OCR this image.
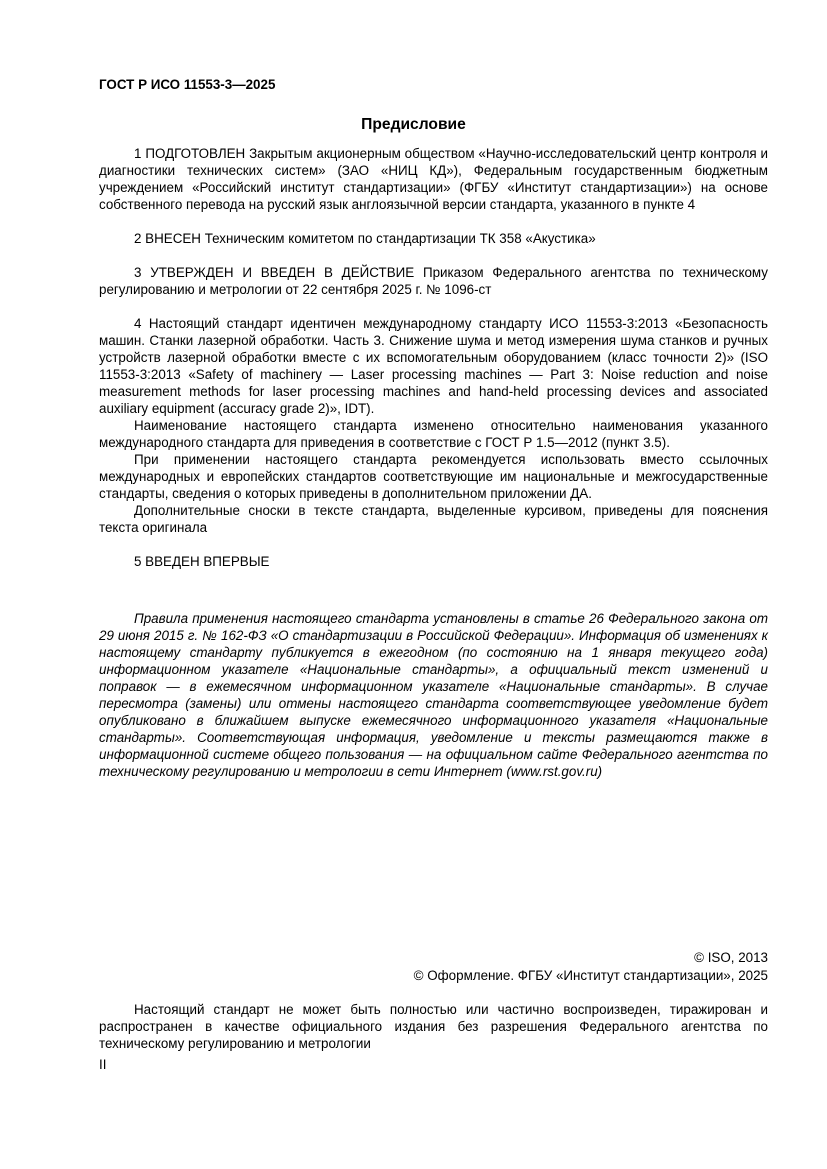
ГОСТ Р ИСО 11553-3—2025
Предисловие

1 ПОДГОТОВЛЕН Закрытым акционерным обществом «Научно-исследовательский центр контроля и диагностики технических систем» (ЗАО «НИЦ КД»), Федеральным государственным бюджетным учреждением «Российский институт стандартизации» (ФГБУ «Институт стандартизации») на основе собственного перевода на русский язык англоязычной версии стандарта, указанного в пункте 4

2 ВНЕСЕН Техническим комитетом по стандартизации ТК 358 «Акустика»

3 УТВЕРЖДЕН И ВВЕДЕН В ДЕЙСТВИЕ Приказом Федерального агентства по техническому регулированию и метрологии от 22 сентября 2025 г. № 1096-ст

4 Настоящий стандарт идентичен международному стандарту ИСО 11553-3:2013 «Безопасность машин. Станки лазерной обработки. Часть 3. Снижение шума и метод измерения шума станков и ручных устройств лазерной обработки вместе с их вспомогательным оборудованием (класс точности 2)» (ISO 11553-3:2013 «Safety of machinery — Laser processing machines — Part 3: Noise reduction and noise measurement methods for laser processing machines and hand-held processing devices and associated auxiliary equipment (accuracy grade 2)», IDT).

Наименование настоящего стандарта изменено относительно наименования указанного международного стандарта для приведения в соответствие с ГОСТ Р 1.5—2012 (пункт 3.5).

При применении настоящего стандарта рекомендуется использовать вместо ссылочных международных и европейских стандартов соответствующие им национальные и межгосударственные стандарты, сведения о которых приведены в дополнительном приложении ДА.

Дополнительные сноски в тексте стандарта, выделенные курсивом, приведены для пояснения текста оригинала

5 ВВЕДЕН ВПЕРВЫЕ

Правила применения настоящего стандарта установлены в статье 26 Федерального закона от 29 июня 2015 г. № 162-ФЗ «О стандартизации в Российской Федерации». Информация об изменениях к настоящему стандарту публикуется в ежегодном (по состоянию на 1 января текущего года) информационном указателе «Национальные стандарты», а официальный текст изменений и поправок — в ежемесячном информационном указателе «Национальные стандарты». В случае пересмотра (замены) или отмены настоящего стандарта соответствующее уведомление будет опубликовано в ближайшем выпуске ежемесячного информационного указателя «Национальные стандарты». Соответствующая информация, уведомление и тексты размещаются также в информационной системе общего пользования — на официальном сайте Федерального агентства по техническому регулированию и метрологии в сети Интернет (www.rst.gov.ru)

© ISO, 2013

© Оформление. ФГБУ «Институт стандартизации», 2025

Настоящий стандарт не может быть полностью или частично воспроизведен, тиражирован и распространен в качестве официального издания без разрешения Федерального агентства по техническому регулированию и метрологии

II
